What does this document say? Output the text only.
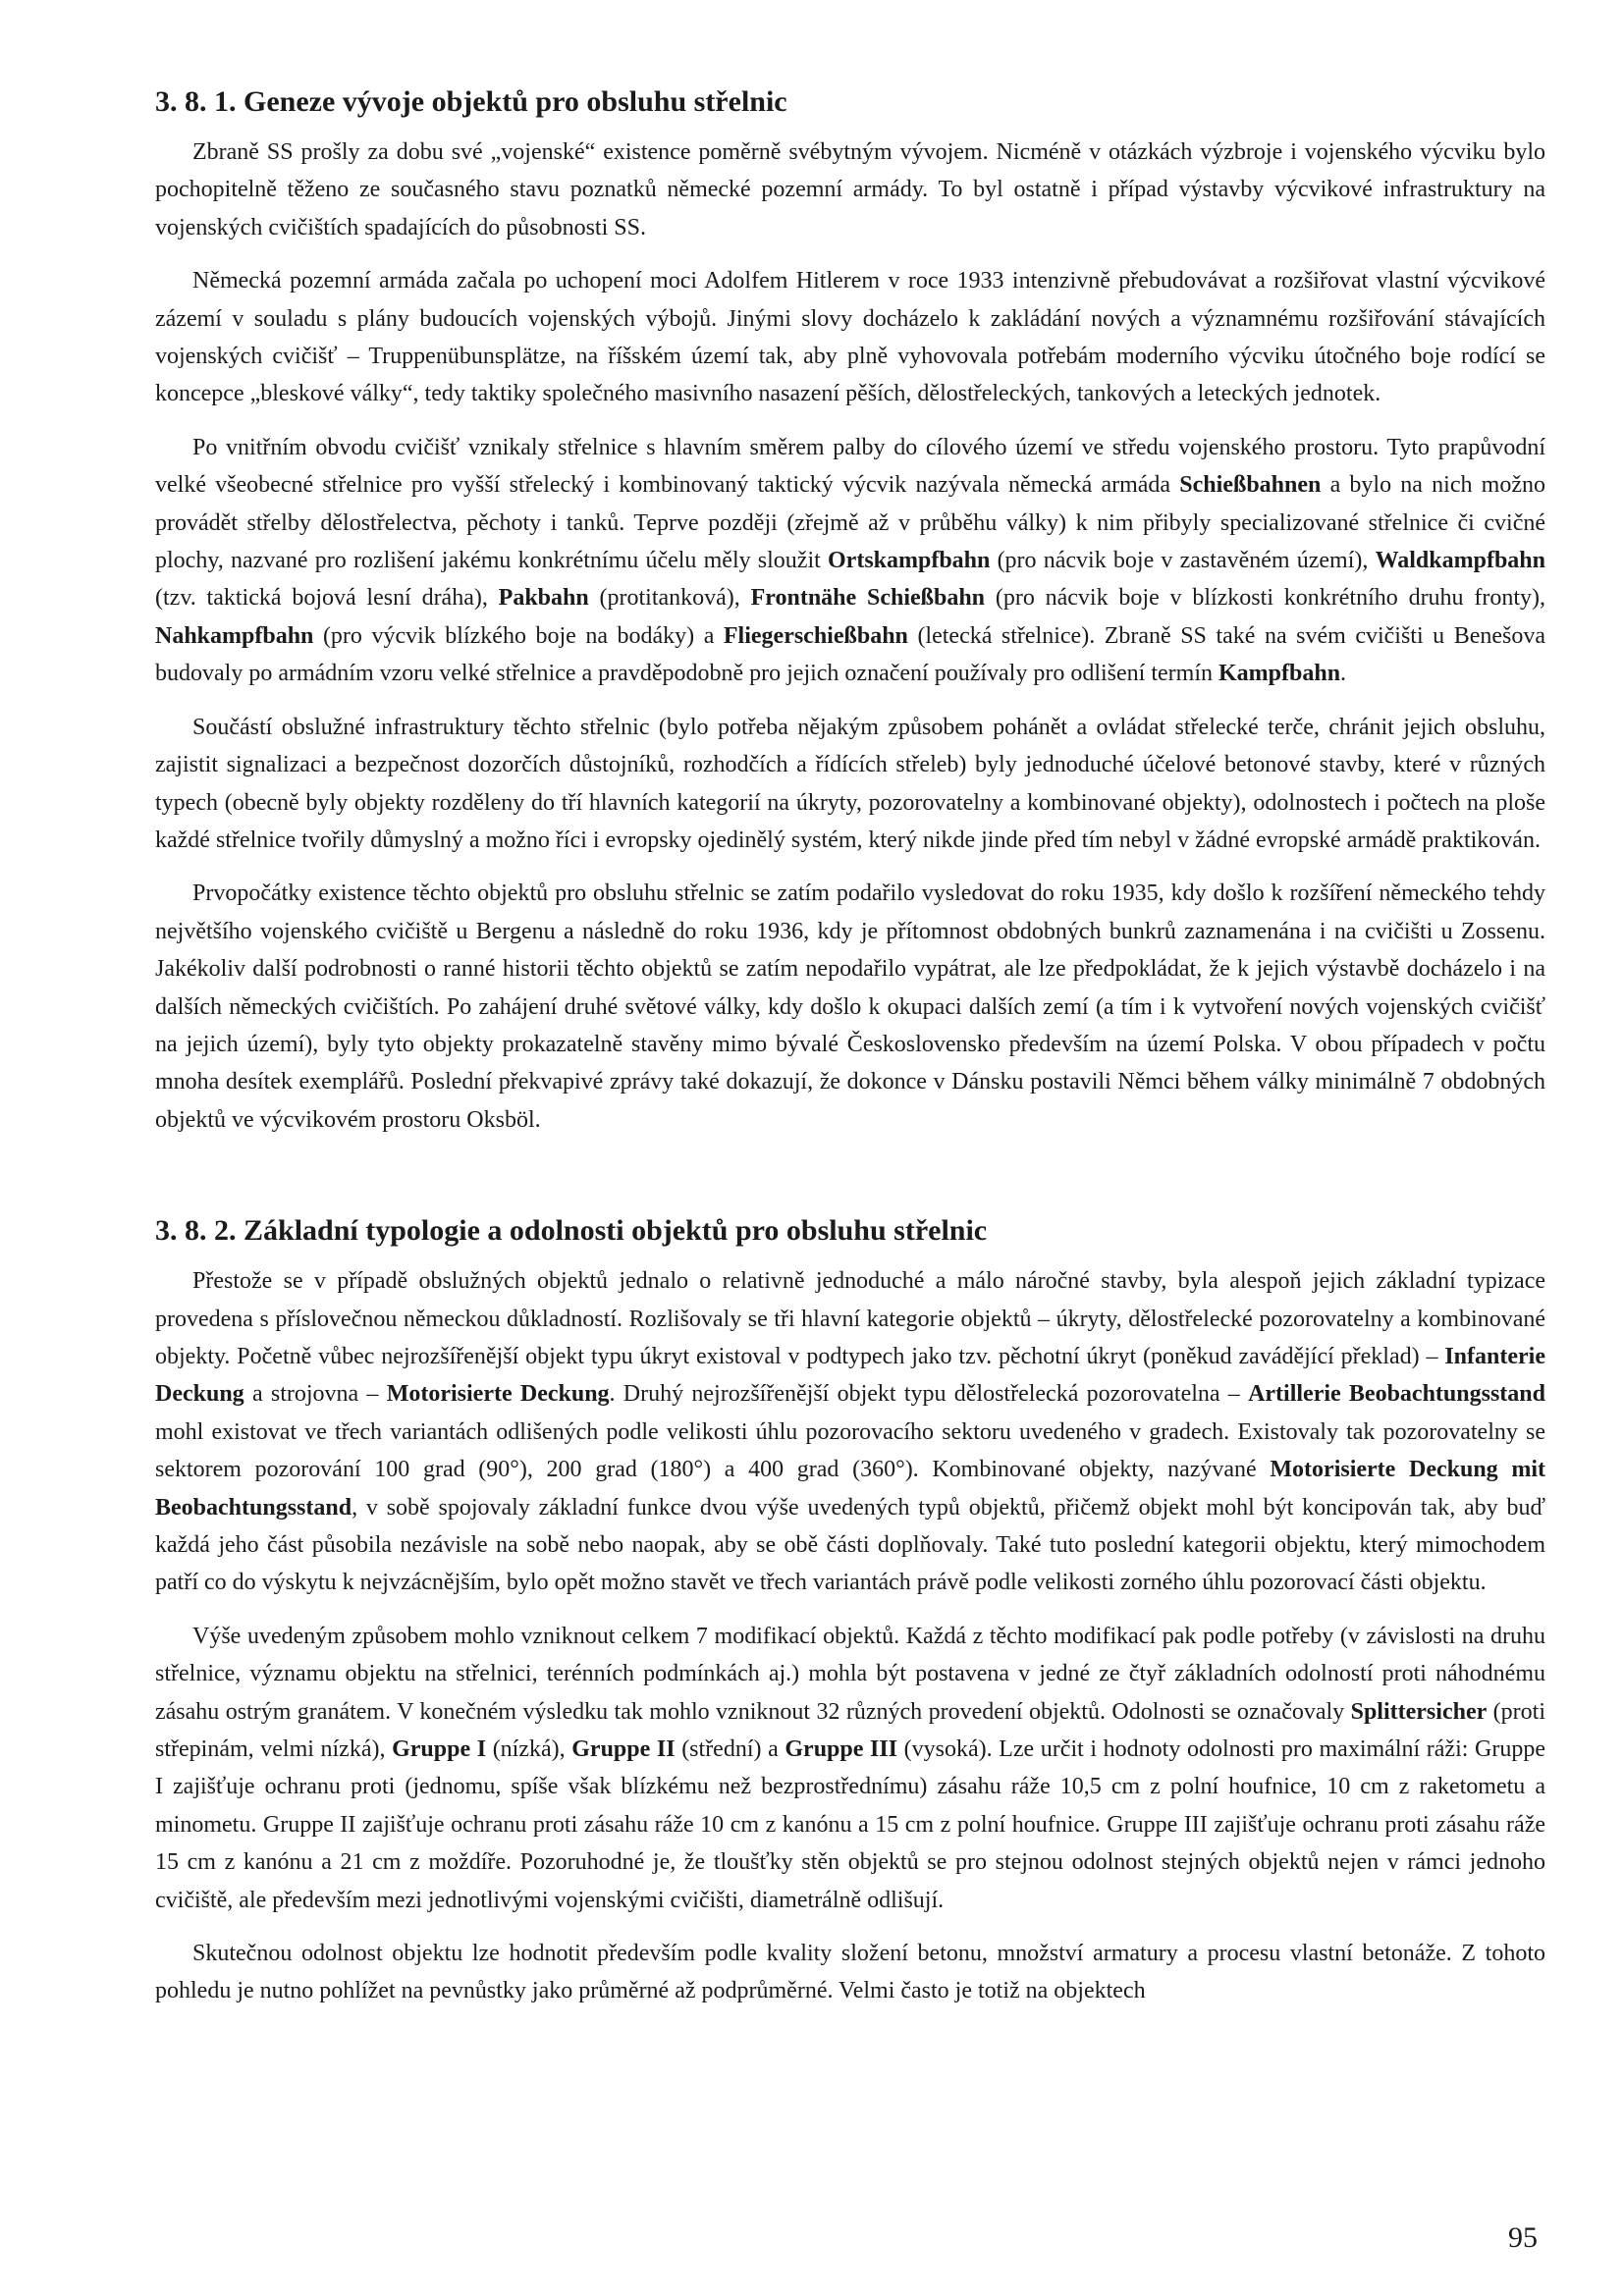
3. 8. 1. Geneze vývoje objektů pro obsluhu střelnic

Zbraně SS prošly za dobu své „vojenské“ existence poměrně svébytným vývojem. Nicméně v otázkách výzbroje i vojenského výcviku bylo pochopitelně těženo ze současného stavu poznatků německé pozemní armády. To byl ostatně i případ výstavby výcvikové infrastruktury na vojenských cvičištích spadajících do působnosti SS.

Německá pozemní armáda začala po uchopení moci Adolfem Hitlerem v roce 1933 intenzivně přebudovávat a rozšiřovat vlastní výcvikové zázemí v souladu s plány budoucích vojenských výbojů. Jinými slovy docházelo k zakládání nových a významnému rozšiřování stávajících vojenských cvičišť – Truppenübunsplätze, na říšském území tak, aby plně vyhovovala potřebám moderního výcviku útočného boje rodící se koncepce „bleskové války“, tedy taktiky společného masivního nasazení pěších, dělostřeleckých, tankových a leteckých jednotek.

Po vnitřním obvodu cvičišť vznikaly střelnice s hlavním směrem palby do cílového území ve středu vojenského prostoru. Tyto prapůvodní velké všeobecné střelnice pro vyšší střelecký i kombinovaný taktický výcvik nazývala německá armáda Schießbahnen a bylo na nich možno provádět střelby dělostřelectva, pěchoty i tanků. Teprve později (zřejmě až v průběhu války) k nim přibyly specializované střelnice či cvičné plochy, nazvané pro rozlišení jakému konkrétnímu účelu měly sloužit Ortskampfbahn (pro nácvik boje v zastavěném území), Waldkampfbahn (tzv. taktická bojová lesní dráha), Pakbahn (protitanková), Frontnähe Schießbahn (pro nácvik boje v blízkosti konkrétního druhu fronty), Nahkampfbahn (pro výcvik blízkého boje na bodáky) a Fliegerschießbahn (letecká střelnice). Zbraně SS také na svém cvičišti u Benešova budovaly po armádním vzoru velké střelnice a pravděpodobně pro jejich označení používaly pro odlišení termín Kampfbahn.

Součástí obslužné infrastruktury těchto střelnic (bylo potřeba nějakým způsobem pohánět a ovládat střelecké terče, chránit jejich obsluhu, zajistit signalizaci a bezpečnost dozorčích důstojníků, rozhodčích a řídících střeleb) byly jednoduché účelové betonové stavby, které v různých typech (obecně byly objekty rozděleny do tří hlavních kategorií na úkryty, pozorovatelny a kombinované objekty), odolnostech i počtech na ploše každé střelnice tvořily důmyslný a možno říci i evropsky ojedinělý systém, který nikde jinde před tím nebyl v žádné evropské armádě praktikován.

Prvopočátky existence těchto objektů pro obsluhu střelnic se zatím podařilo vysledovat do roku 1935, kdy došlo k rozšíření německého tehdy největšího vojenského cvičiště u Bergenu a následně do roku 1936, kdy je přítomnost obdobných bunkrů zaznamenána i na cvičišti u Zossenu. Jakékoliv další podrobnosti o ranné historii těchto objektů se zatím nepodařilo vypátrat, ale lze předpokládat, že k jejich výstavbě docházelo i na dalších německých cvičištích. Po zahájení druhé světové války, kdy došlo k okupaci dalších zemí (a tím i k vytvoření nových vojenských cvičišť na jejich území), byly tyto objekty prokazatelně stavěny mimo bývalé Československo především na území Polska. V obou případech v počtu mnoha desítek exemplářů. Poslední překvapivé zprávy také dokazují, že dokonce v Dánsku postavili Němci během války minimálně 7 obdobných objektů ve výcvikovém prostoru Oksböl.

3. 8. 2. Základní typologie a odolnosti objektů pro obsluhu střelnic

Přestože se v případě obslužných objektů jednalo o relativně jednoduché a málo náročné stavby, byla alespoň jejich základní typizace provedena s příslovečnou německou důkladností. Rozlišovaly se tři hlavní kategorie objektů – úkryty, dělostřelecké pozorovatelny a kombinované objekty. Početně vůbec nejrozšířenější objekt typu úkryt existoval v podtypech jako tzv. pěchotní úkryt (poněkud zavádějící překlad) – Infanterie Deckung a strojovna – Motorisierte Deckung. Druhý nejrozšířenější objekt typu dělostřelecká pozorovatelna – Artillerie Beobachtungsstand mohl existovat ve třech variantách odlišených podle velikosti úhlu pozorovacího sektoru uvedeného v gradech. Existovaly tak pozorovatelny se sektorem pozorování 100 grad (90°), 200 grad (180°) a 400 grad (360°). Kombinované objekty, nazývané Motorisierte Deckung mit Beobachtungsstand, v sobě spojovaly základní funkce dvou výše uvedených typů objektů, přičemž objekt mohl být koncipován tak, aby buď každá jeho část působila nezávisle na sobě nebo naopak, aby se obě části doplňovaly. Také tuto poslední kategorii objektu, který mimochodem patří co do výskytu k nejvzácnějším, bylo opět možno stavět ve třech variantách právě podle velikosti zorného úhlu pozorovací části objektu.

Výše uvedeným způsobem mohlo vzniknout celkem 7 modifikací objektů. Každá z těchto modifikací pak podle potřeby (v závislosti na druhu střelnice, významu objektu na střelnici, terénních podmínkách aj.) mohla být postavena v jedné ze čtyř základních odolností proti náhodnému zásahu ostrým granátem. V konečném výsledku tak mohlo vzniknout 32 různých provedení objektů. Odolnosti se označovaly Splittersicher (proti střepinám, velmi nízká), Gruppe I (nízká), Gruppe II (střední) a Gruppe III (vysoká). Lze určit i hodnoty odolnosti pro maximální ráži: Gruppe I zajišťuje ochranu proti (jednomu, spíše však blízkému než bezprostřednímu) zásahu ráže 10,5 cm z polní houfnice, 10 cm z raketometu a minometu. Gruppe II zajišťuje ochranu proti zásahu ráže 10 cm z kanónu a 15 cm z polní houfnice. Gruppe III zajišťuje ochranu proti zásahu ráže 15 cm z kanónu a 21 cm z moždíře. Pozoruhodné je, že tloušťky stěn objektů se pro stejnou odolnost stejných objektů nejen v rámci jednoho cvičiště, ale především mezi jednotlivými vojenskými cvičišti, diametrálně odlišují.

Skutečnou odolnost objektu lze hodnotit především podle kvality složení betonu, množství armatury a procesu vlastní betonáže. Z tohoto pohledu je nutno pohlížet na pevnůstky jako průměrné až podprůměrné. Velmi často je totiž na objektech

95
